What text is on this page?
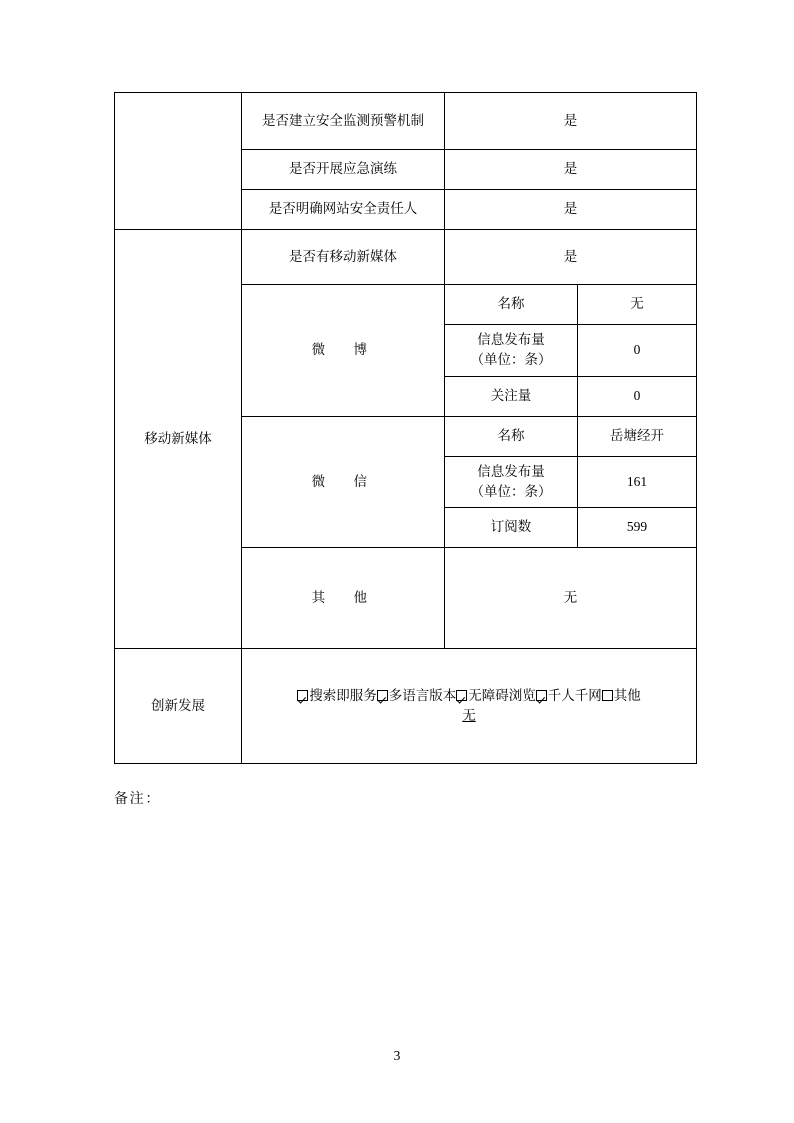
	是否建立安全监测预警机制	是	
	是否开展应急演练	是	
	是否明确网站安全责任人	是	
移动新媒体	是否有移动新媒体	是	
	微　博	名称	无

		信息发布量
（单位：条）	0
		关注量	0
	微　信	名称	岳塘经开

		信息发布量
（单位：条）	161
		订阅数	599
	其　他	无	
创新发展	搜索即服务 多语言版本 无障碍浏览 千人千网 其他
无		
备注：
3
